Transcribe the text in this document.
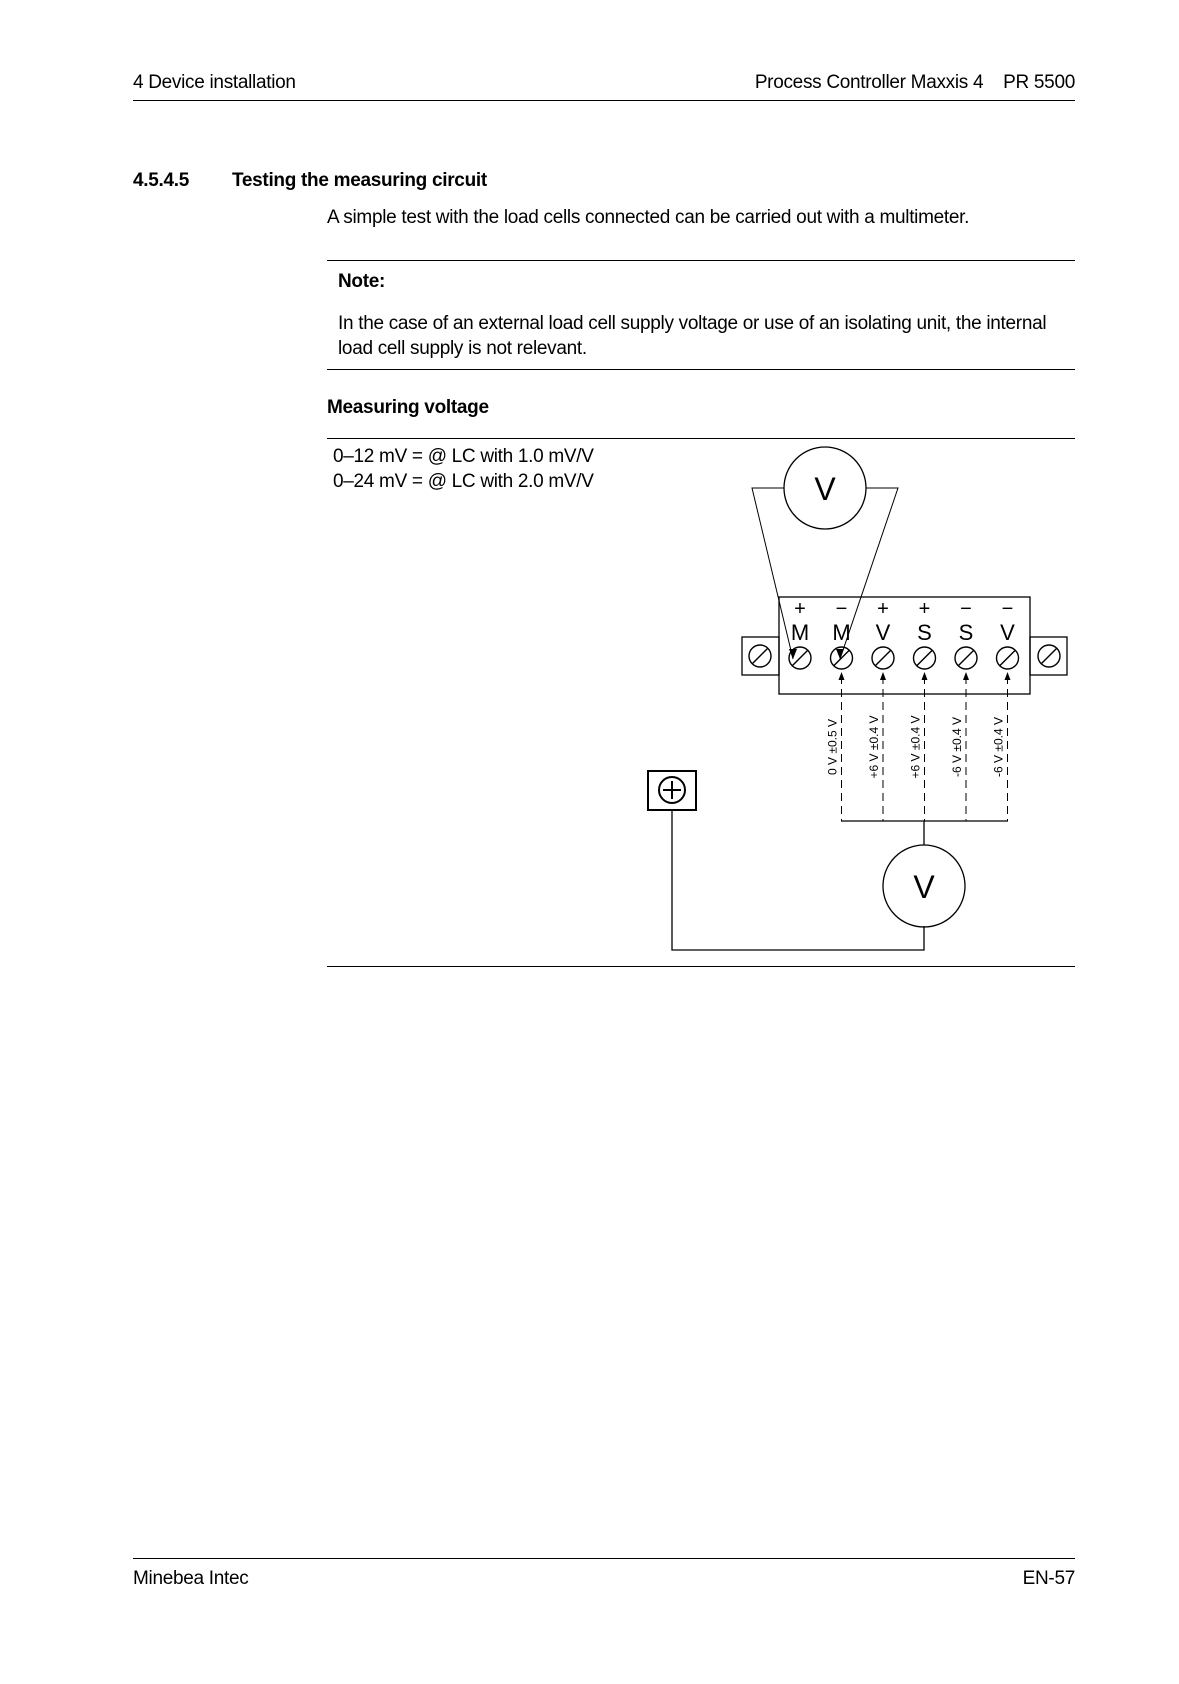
4 Device installation	Process Controller Maxxis 4    PR 5500
4.5.4.5 Testing the measuring circuit
A simple test with the load cells connected can be carried out with a multimeter.
Note:
In the case of an external load cell supply voltage or use of an isolating unit, the internal
load cell supply is not relevant.
Measuring voltage
0–12 mV = @ LC with 1.0 mV/V
0–24 mV = @ LC with 2.0 mV/V
+
M
−
M
+
V
+
S
−
S
−
V
0 V ±0.5 V +6 V ±0.4 V +6 V ±0.4 V -6 V ±0.4 V -6 V ±0.4 V
V
V
Minebea Intec	EN-57
